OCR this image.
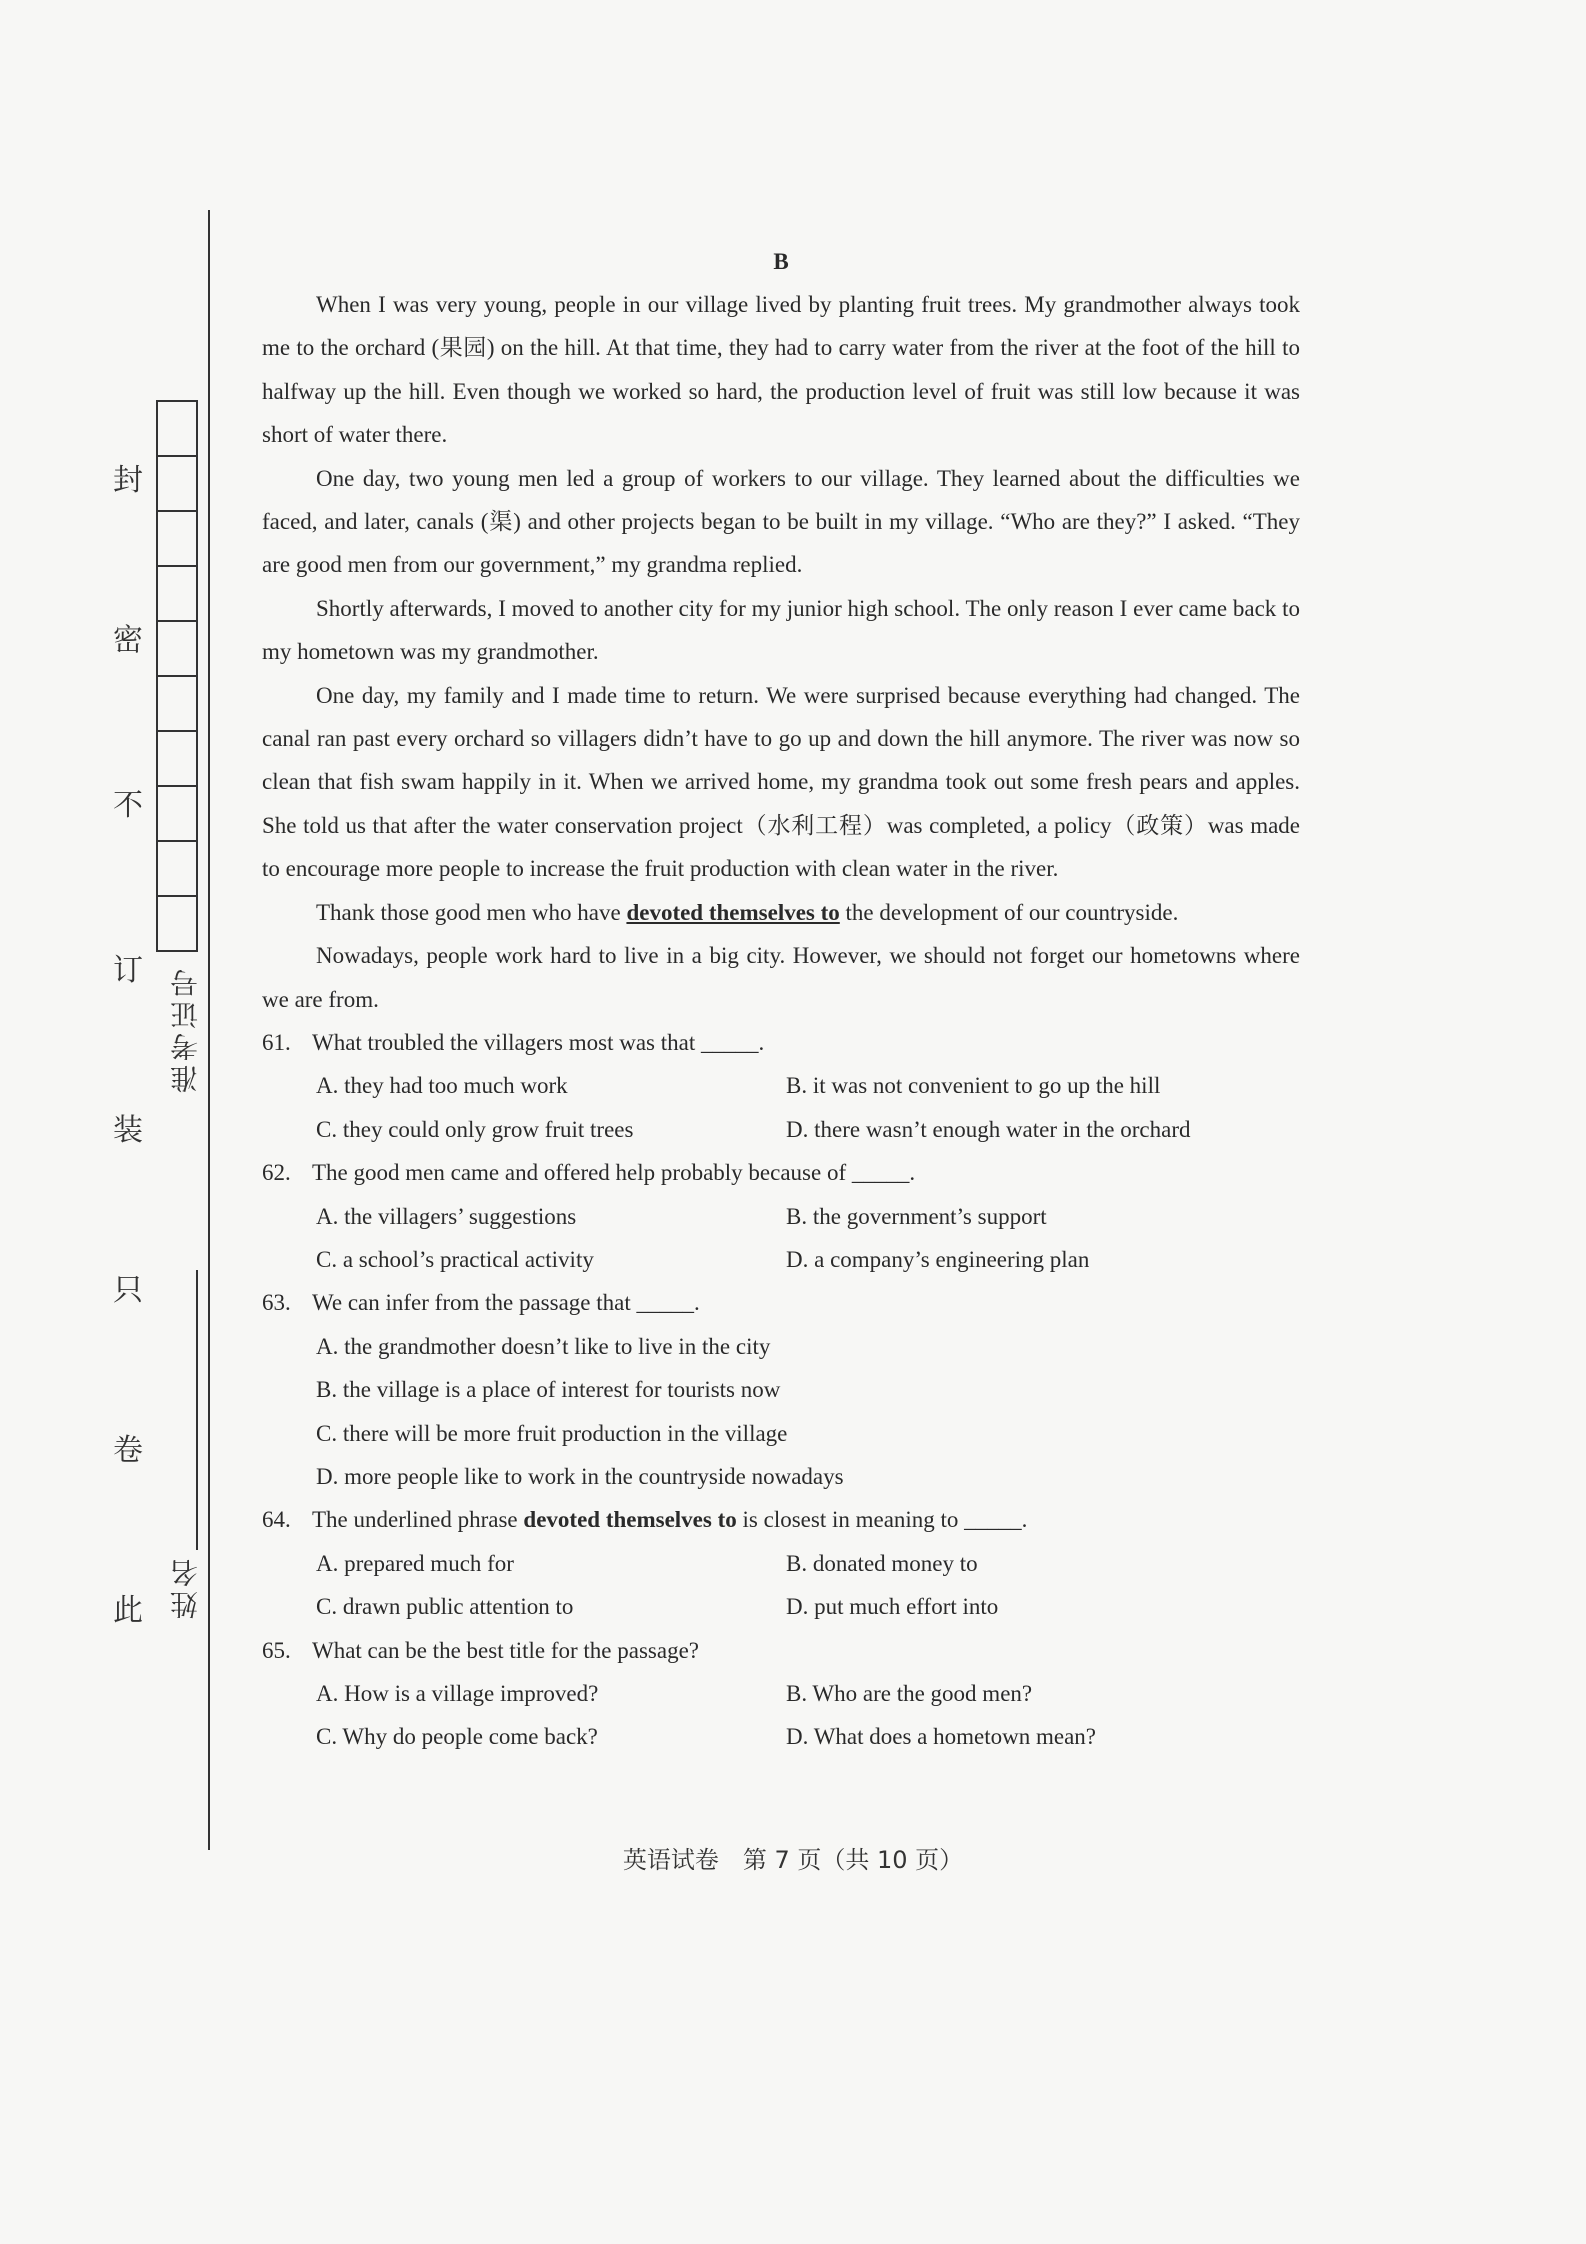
封
密
不
订
装
只
卷
此
准考证号
姓名
B

When I was very young, people in our village lived by planting fruit trees. My grandmother always took me to the orchard (果园) on the hill. At that time, they had to carry water from the river at the foot of the hill to halfway up the hill. Even though we worked so hard, the production level of fruit was still low because it was short of water there.

One day, two young men led a group of workers to our village. They learned about the difficulties we faced, and later, canals (渠) and other projects began to be built in my village. “Who are they?” I asked. “They are good men from our government,” my grandma replied.

Shortly afterwards, I moved to another city for my junior high school. The only reason I ever came back to my hometown was my grandmother.

One day, my family and I made time to return. We were surprised because everything had changed. The canal ran past every orchard so villagers didn’t have to go up and down the hill anymore. The river was now so clean that fish swam happily in it. When we arrived home, my grandma took out some fresh pears and apples. She told us that after the water conservation project（水利工程）was completed, a policy（政策）was made to encourage more people to increase the fruit production with clean water in the river.

Thank those good men who have devoted themselves to the development of our countryside.

Nowadays, people work hard to live in a big city. However, we should not forget our hometowns where we are from.

61. What troubled the villagers most was that _____.
A. they had too much work	B. it was not convenient to go up the hill
C. they could only grow fruit trees	D. there wasn’t enough water in the orchard
62. The good men came and offered help probably because of _____.
A. the villagers’ suggestions	B. the government’s support
C. a school’s practical activity	D. a company’s engineering plan
63. We can infer from the passage that _____.
A. the grandmother doesn’t like to live in the city
B. the village is a place of interest for tourists now
C. there will be more fruit production in the village
D. more people like to work in the countryside nowadays
64. The underlined phrase devoted themselves to is closest in meaning to _____.
A. prepared much for	B. donated money to
C. drawn public attention to	D. put much effort into
65. What can be the best title for the passage?
A. How is a village improved?	B. Who are the good men?
C. Why do people come back?	D. What does a hometown mean?
英语试卷　第 7 页（共 10 页）
